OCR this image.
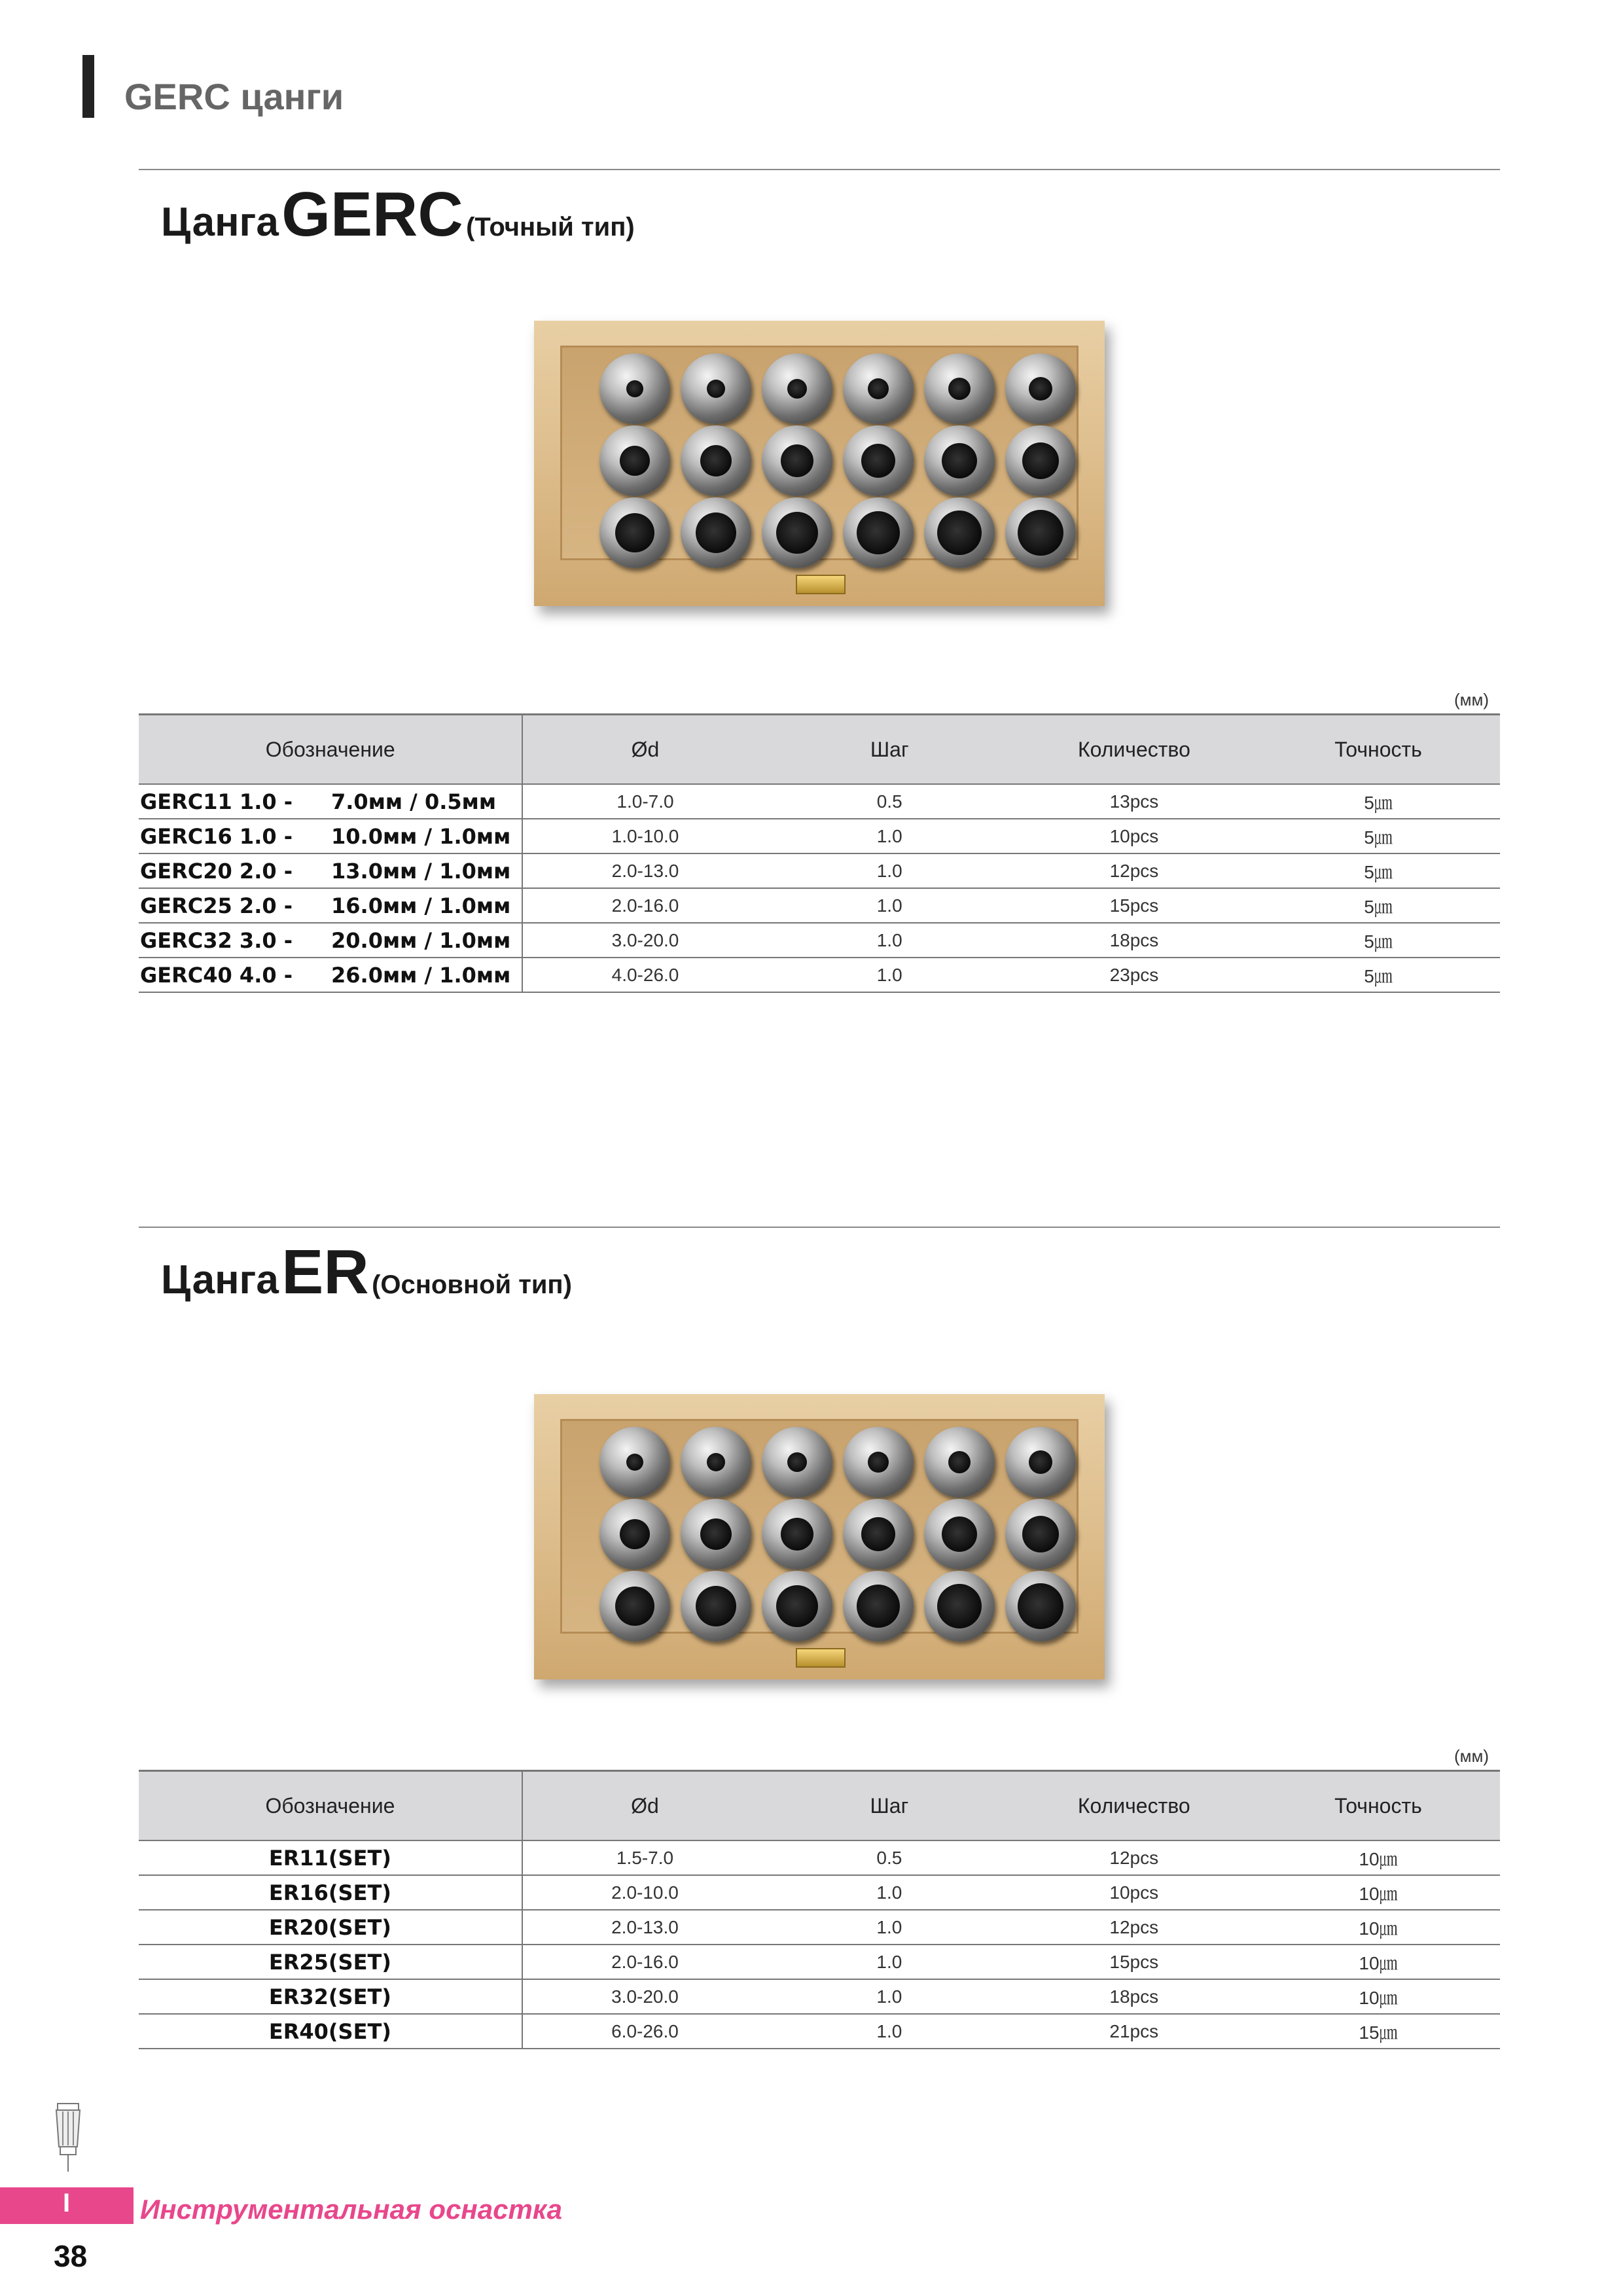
GERC цанги
Цанга GERC (Точный тип)
(мм)
Обозначение	Ød	Шаг	Количество	Точность
GERC11 1.0 - 7.0мм / 0.5мм	1.0-7.0	0.5	13pcs	5㎛
GERC16 1.0 - 10.0мм / 1.0мм	1.0-10.0	1.0	10pcs	5㎛
GERC20 2.0 - 13.0мм / 1.0мм	2.0-13.0	1.0	12pcs	5㎛
GERC25 2.0 - 16.0мм / 1.0мм	2.0-16.0	1.0	15pcs	5㎛
GERC32 3.0 - 20.0мм / 1.0мм	3.0-20.0	1.0	18pcs	5㎛
GERC40 4.0 - 26.0мм / 1.0мм	4.0-26.0	1.0	23pcs	5㎛
Цанга ER (Основной тип)
(мм)
Обозначение	Ød	Шаг	Количество	Точность
ER11(SET)	1.5-7.0	0.5	12pcs	10㎛
ER16(SET)	2.0-10.0	1.0	10pcs	10㎛
ER20(SET)	2.0-13.0	1.0	12pcs	10㎛
ER25(SET)	2.0-16.0	1.0	15pcs	10㎛
ER32(SET)	3.0-20.0	1.0	18pcs	10㎛
ER40(SET)	6.0-26.0	1.0	21pcs	15㎛
I	Инструментальная оснастка
38
